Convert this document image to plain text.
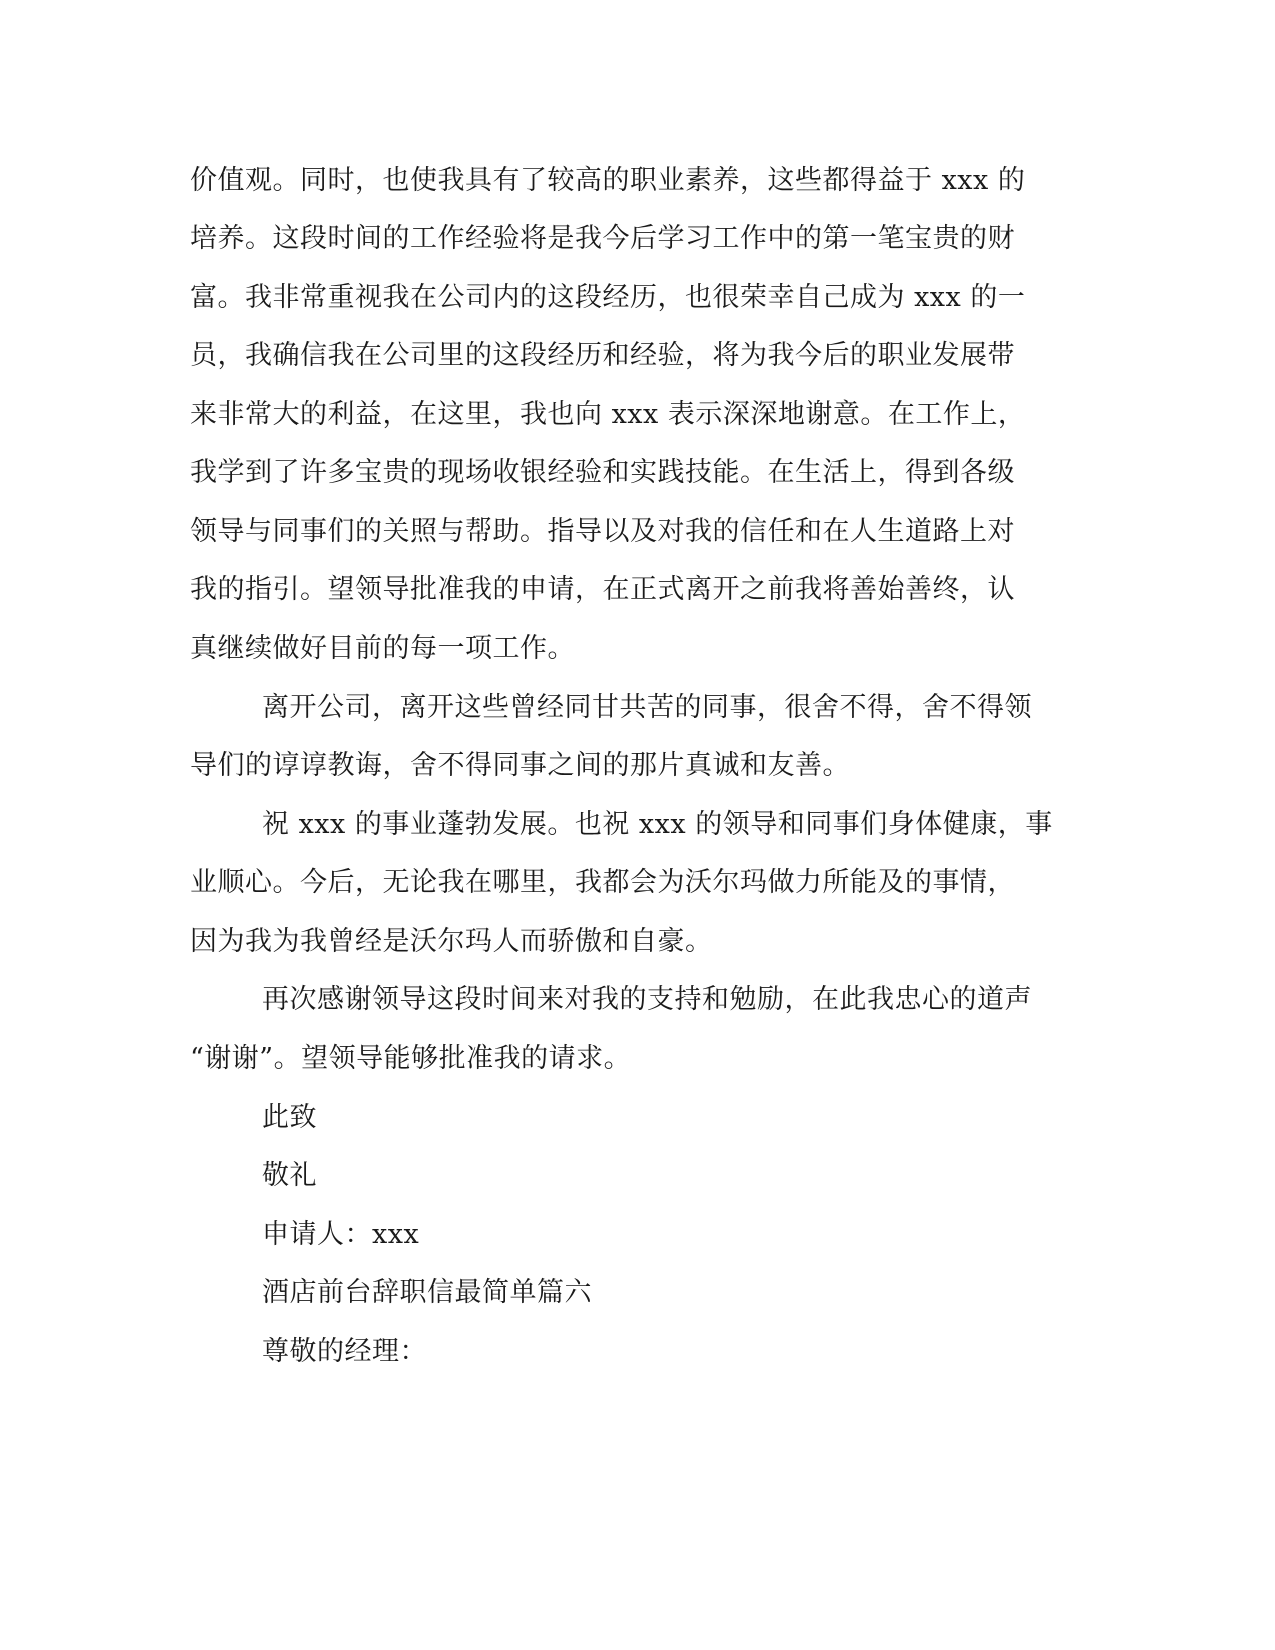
价值观。同时，也使我具有了较高的职业素养，这些都得益于 xxx 的
培养。这段时间的工作经验将是我今后学习工作中的第一笔宝贵的财
富。我非常重视我在公司内的这段经历，也很荣幸自己成为 xxx 的一
员，我确信我在公司里的这段经历和经验，将为我今后的职业发展带
来非常大的利益，在这里，我也向 xxx 表示深深地谢意。在工作上，
我学到了许多宝贵的现场收银经验和实践技能。在生活上，得到各级
领导与同事们的关照与帮助。指导以及对我的信任和在人生道路上对
我的指引。望领导批准我的申请，在正式离开之前我将善始善终，认
真继续做好目前的每一项工作。
离开公司，离开这些曾经同甘共苦的同事，很舍不得，舍不得领
导们的谆谆教诲，舍不得同事之间的那片真诚和友善。
祝 xxx 的事业蓬勃发展。也祝 xxx 的领导和同事们身体健康，事
业顺心。今后，无论我在哪里，我都会为沃尔玛做力所能及的事情，
因为我为我曾经是沃尔玛人而骄傲和自豪。
再次感谢领导这段时间来对我的支持和勉励，在此我忠心的道声
“谢谢”。望领导能够批准我的请求。
此致
敬礼
申请人：xxx
酒店前台辞职信最简单篇六
尊敬的经理：
